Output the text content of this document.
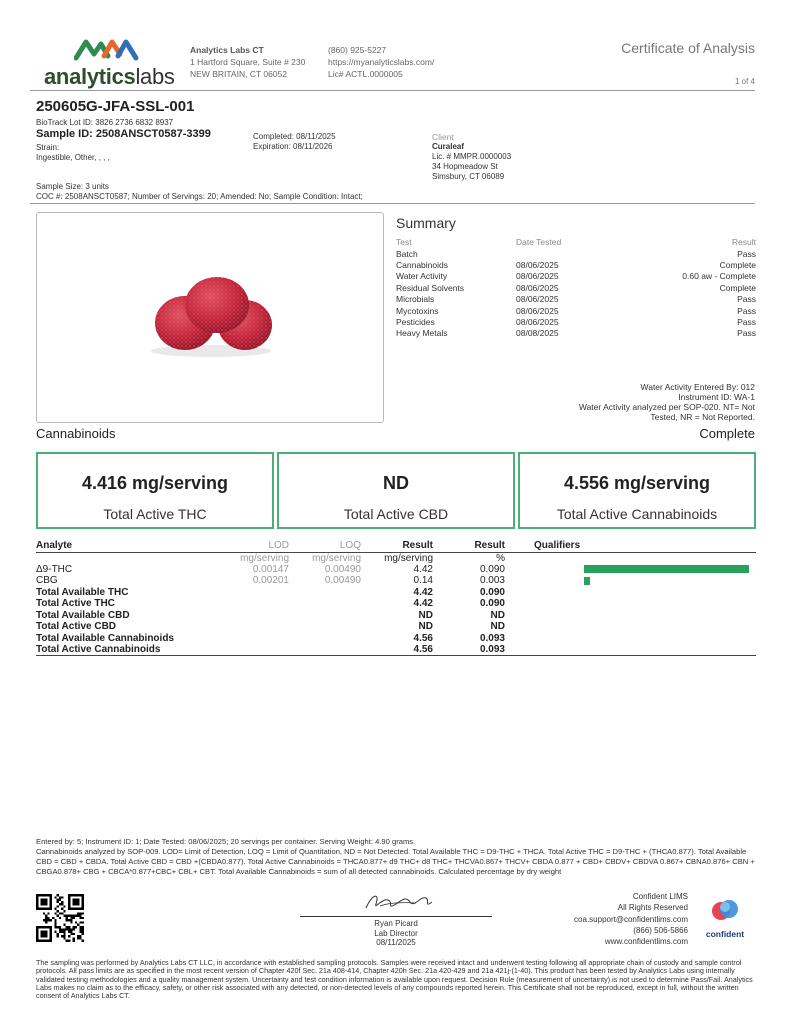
analyticslabs
Analytics Labs CT
1 Hartford Square, Suite # 230
NEW BRITAIN, CT 06052
(860) 925-5227
https://myanalyticslabs.com/
Lic# ACTL.0000005
Certificate of Analysis
1 of 4
250605G-JFA-SSL-001
BioTrack Lot ID: 3826 2736 6832 8937
Sample ID: 2508ANSCT0587-3399
Strain:
Ingestible, Other, , , ,
Completed: 08/11/2025
Expiration: 08/11/2026
Client
Curaleaf
Lic. # MMPR.0000003
34 Hopmeadow St
Simsbury, CT 06089
Sample Size: 3 units
COC #: 2508ANSCT0587; Number of Servings: 20; Amended: No; Sample Condition: Intact;
Summary
Test	Date Tested	Result
Batch		Pass
Cannabinoids	08/06/2025	Complete
Water Activity	08/06/2025	0.60 aw - Complete
Residual Solvents	08/06/2025	Complete
Microbials	08/06/2025	Pass
Mycotoxins	08/06/2025	Pass
Pesticides	08/06/2025	Pass
Heavy Metals	08/08/2025	Pass
Water Activity Entered By: 012
Instrument ID: WA-1
Water Activity analyzed per SOP-020. NT= Not
Tested, NR = Not Reported.
Cannabinoids	Complete
4.416 mg/serving
Total Active THC
ND
Total Active CBD
4.556 mg/serving
Total Active Cannabinoids
Analyte	LOD	LOQ	Result	Result		Qualifiers
	mg/serving	mg/serving	mg/serving	%		
Δ9-THC	0.00147	0.00490	4.42	0.090		

CBG	0.00201	0.00490	0.14	0.003		

Total Available THC			4.42	0.090		
Total Active THC			4.42	0.090		
Total Available CBD			ND	ND		
Total Active CBD			ND	ND		
Total Available Cannabinoids			4.56	0.093		
Total Active Cannabinoids			4.56	0.093		
Entered by: 5; Instrument ID: 1; Date Tested: 08/06/2025; 20 servings per container. Serving Weight: 4.90 grams.
Cannabinoids analyzed by SOP-009. LOD= Limit of Detection, LOQ = Limit of Quantitation, ND = Not Detected. Total Available THC = D9-THC + THCA. Total Active THC = D9-THC + (THCA0.877). Total Available CBD = CBD + CBDA. Total Active CBD = CBD +(CBDA0.877). Total Active Cannabinoids = THCA0.877+ d9 THC+ d8 THC+ THCVA0.867+ THCV+ CBDA 0.877 + CBD+ CBDV+ CBDVA 0.867+ CBNA0.876+ CBN + CBGA0.878+ CBG + CBCA*0.877+CBC+ CBL+ CBT. Total Available Cannabinoids = sum of all detected cannabinoids. Calculated percentage by dry weight
Ryan Picard
Lab Director
08/11/2025
Confident LIMS
All Rights Reserved
coa.support@confidentlims.com
(866) 506-5866
www.confidentlims.com
confident
The sampling was performed by Analytics Labs CT LLC, in accordance with established sampling protocols. Samples were received intact and underwent testing following all appropriate chain of custody and sample control protocols. All pass limits are as specified in the most recent version of Chapter 420f Sec. 21a 408-414, Chapter 420h Sec. 21a 420-429 and 21a 421j-(1-40). This product has been tested by Analytics Labs using internally validated testing methodologies and a quality management system. Uncertainty and test condition information is available upon request. Decision Rule (measurement of uncertainty) is not used to determine Pass/Fail. Analytics Labs makes no claim as to the efficacy, safety, or other risk associated with any detected, or non-detected levels of any compounds reported herein. This Certificate shall not be reproduced, except in full, without the written consent of Analytics Labs CT.
